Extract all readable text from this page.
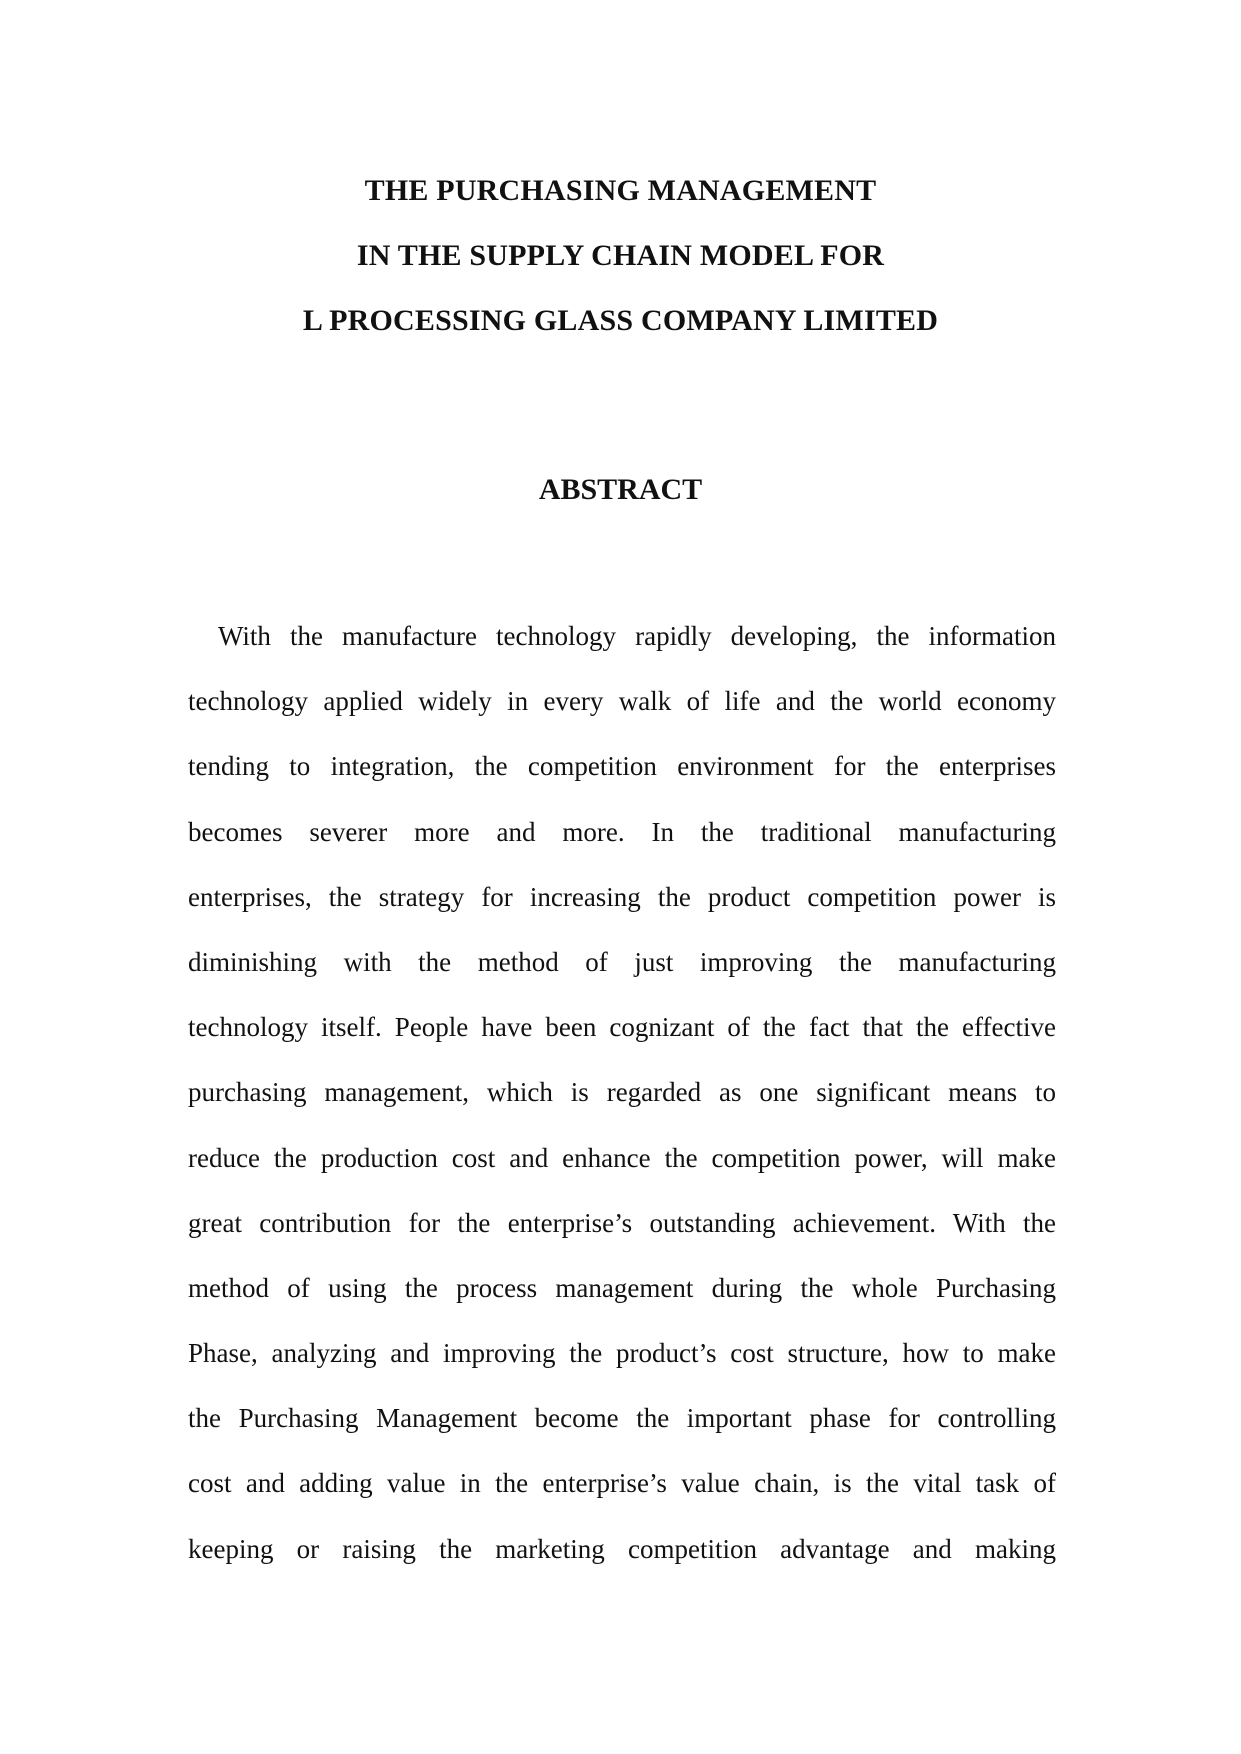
THE PURCHASING MANAGEMENT
IN THE SUPPLY CHAIN MODEL FOR
L PROCESSING GLASS COMPANY LIMITED
ABSTRACT
With the manufacture technology rapidly developing, the information
technology applied widely in every walk of life and the world economy
tending to integration, the competition environment for the enterprises
becomes severer more and more. In the traditional manufacturing
enterprises, the strategy for increasing the product competition power is
diminishing with the method of just improving the manufacturing
technology itself. People have been cognizant of the fact that the effective
purchasing management, which is regarded as one significant means to
reduce the production cost and enhance the competition power, will make
great contribution for the enterprise’s outstanding achievement. With the
method of using the process management during the whole Purchasing
Phase, analyzing and improving the product’s cost structure, how to make
the Purchasing Management become the important phase for controlling
cost and adding value in the enterprise’s value chain, is the vital task of
keeping or raising the marketing competition advantage and making
